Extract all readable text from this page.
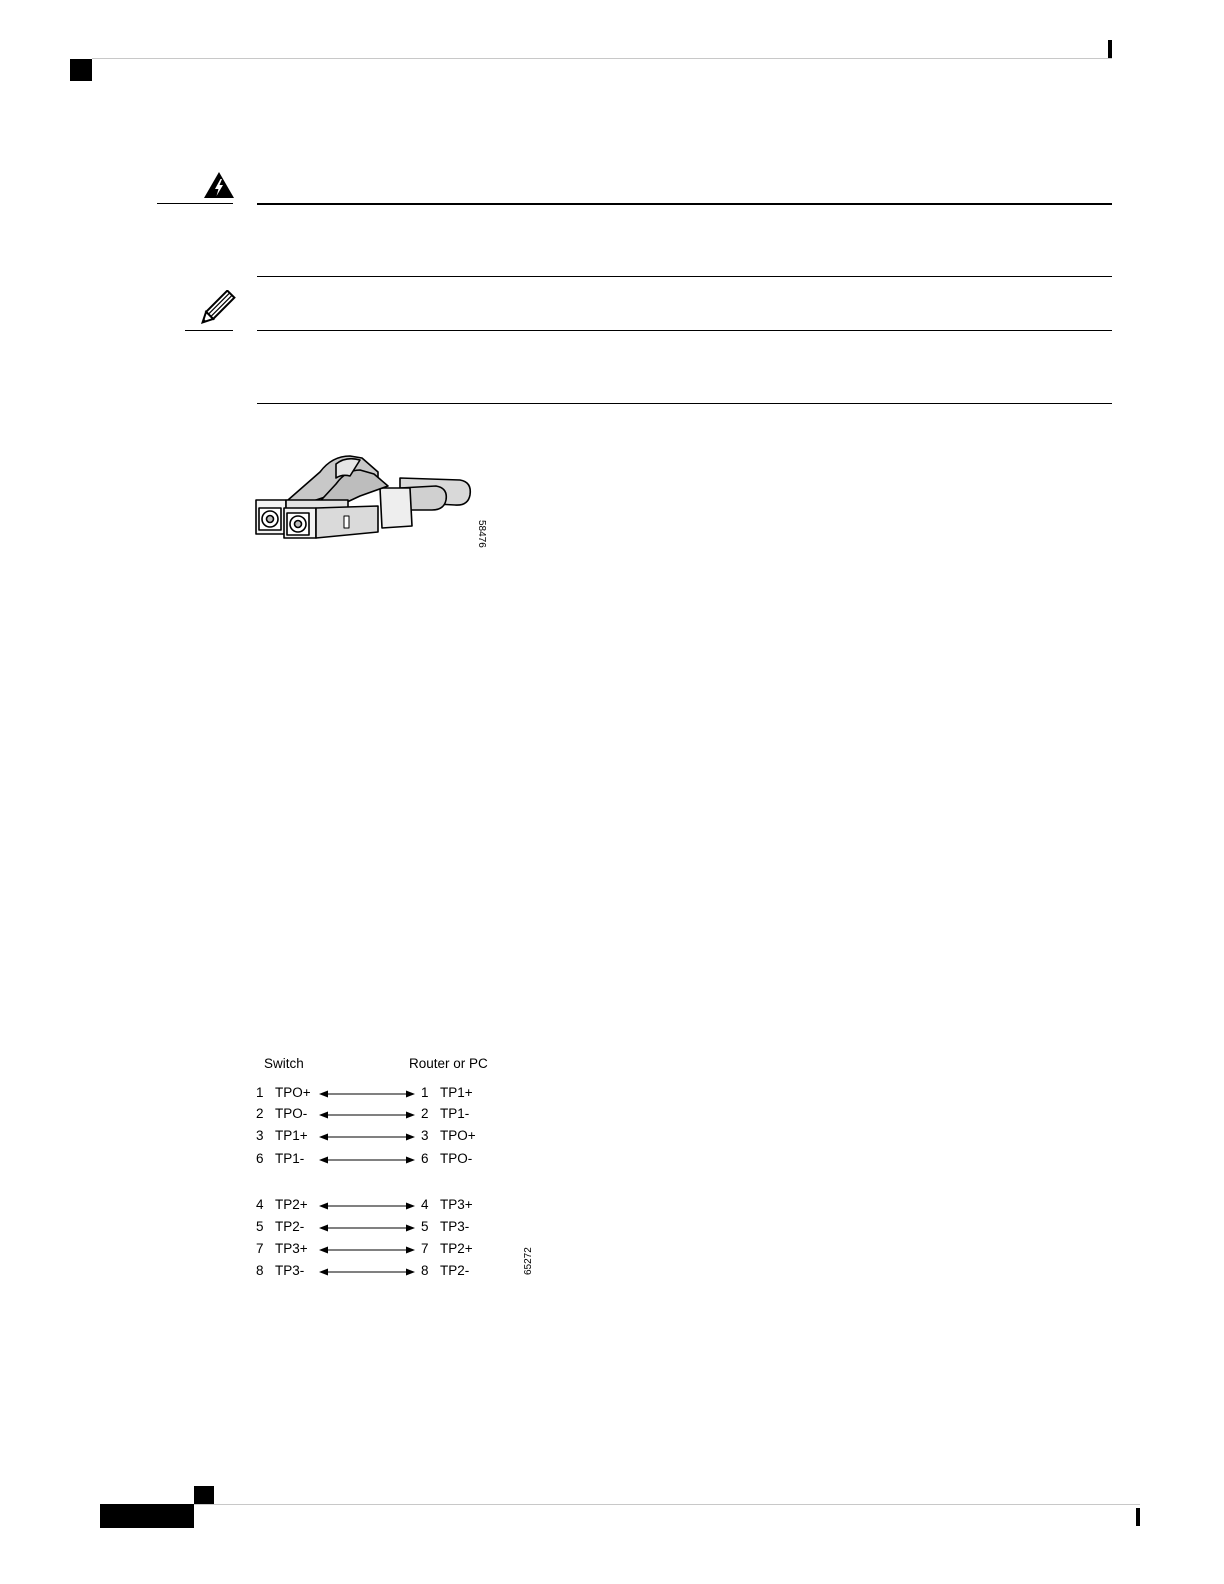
58476
Switch	Router or PC
1 TPO+	1 TP1+
2 TPO-	2 TP1-
3 TP1+	3 TPO+
6 TP1-	6 TPO-
4 TP2+	4 TP3+
5 TP2-	5 TP3-
7 TP3+	7 TP2+
8 TP3-	8 TP2-	65272
